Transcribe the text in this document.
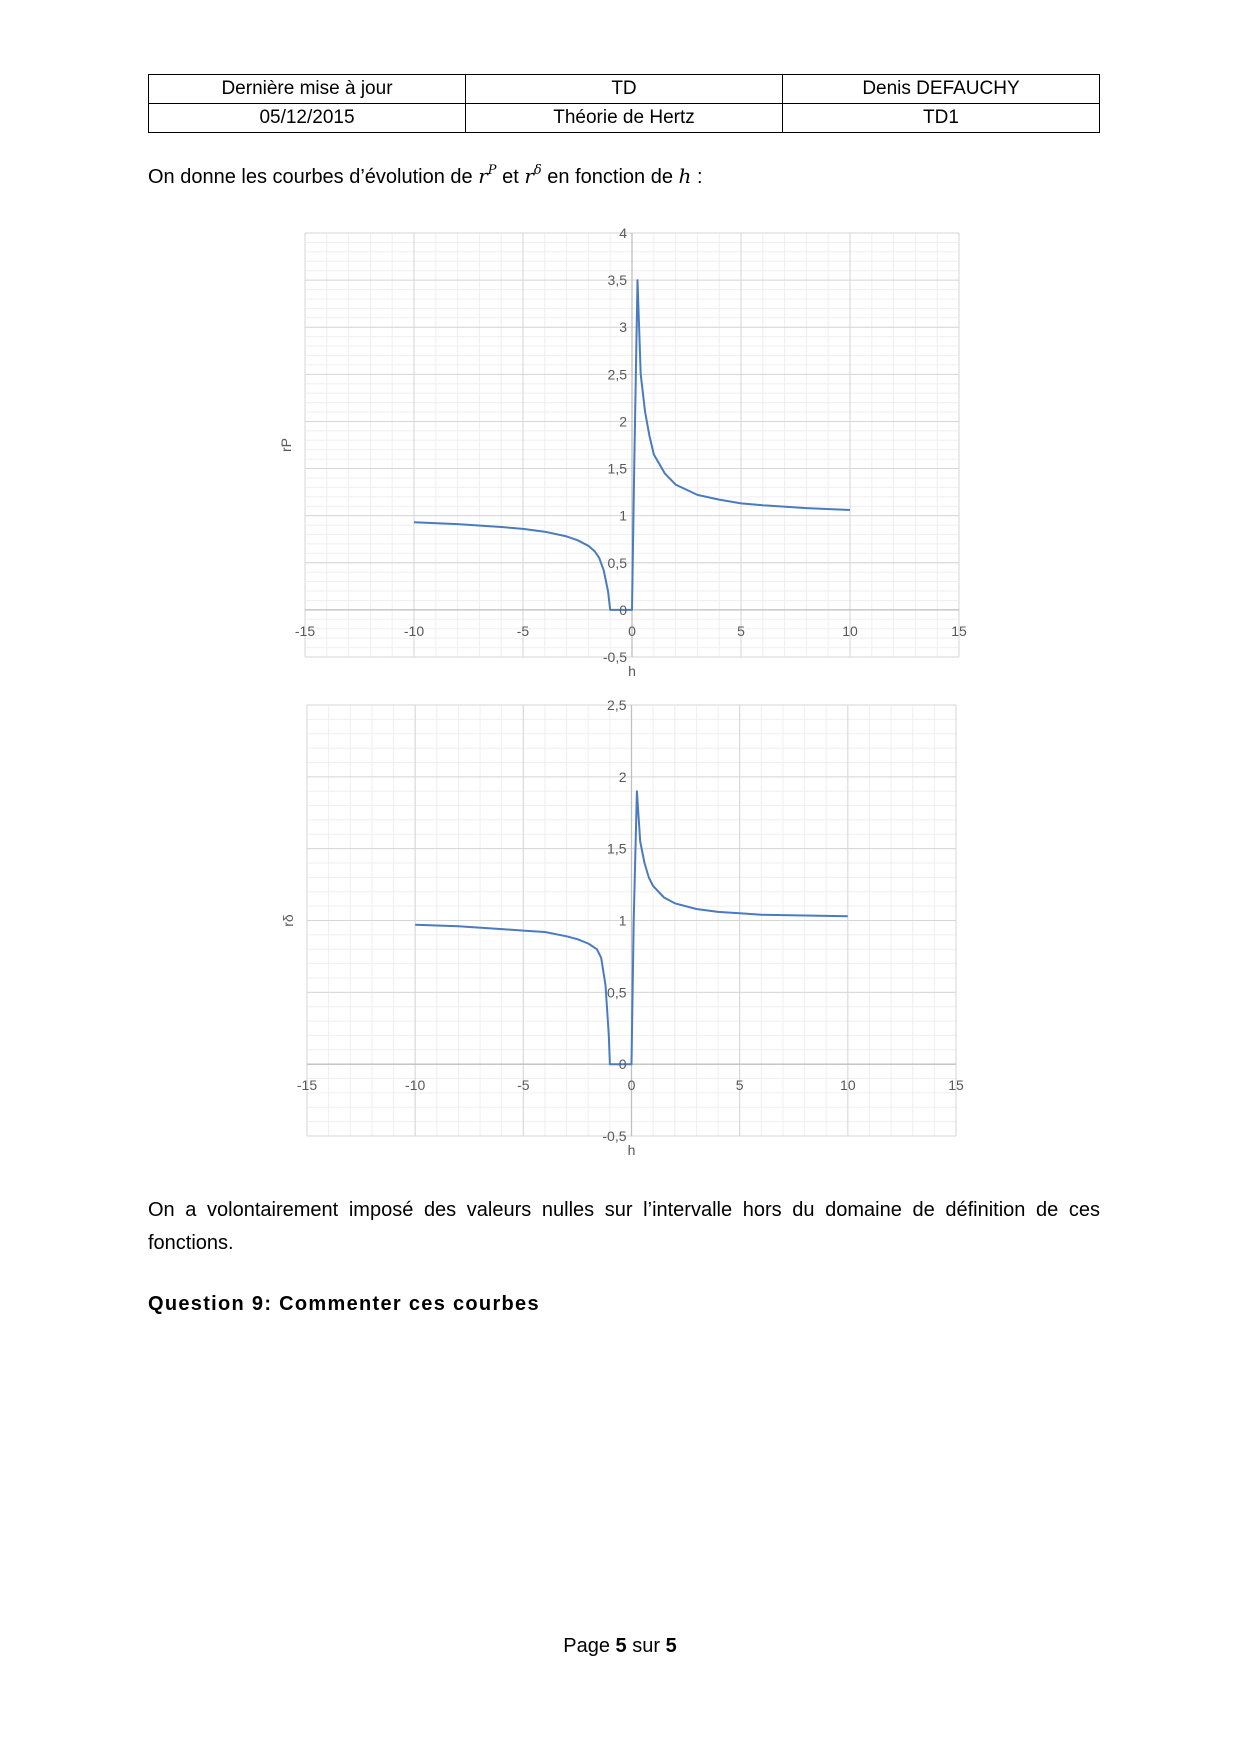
Dernière mise à jour	TD	Denis DEFAUCHY
05/12/2015	Théorie de Hertz	TD1
On donne les courbes d’évolution de $r^P$ et $r^\delta$ en fonction de h :
-15	-10	-5	0	5	10	15
-0,5
0
0,5
1
1,5
2
2,5
3
3,5
4
h
rP
-15	-10	-5	0	5	10	15
-0,5
0
0,5
1
1,5
2
2,5
h
rδ
On a volontairement imposé des valeurs nulles sur l’intervalle hors du domaine de définition de ces fonctions.
Question 9: Commenter ces courbes
Page 5 sur 5
